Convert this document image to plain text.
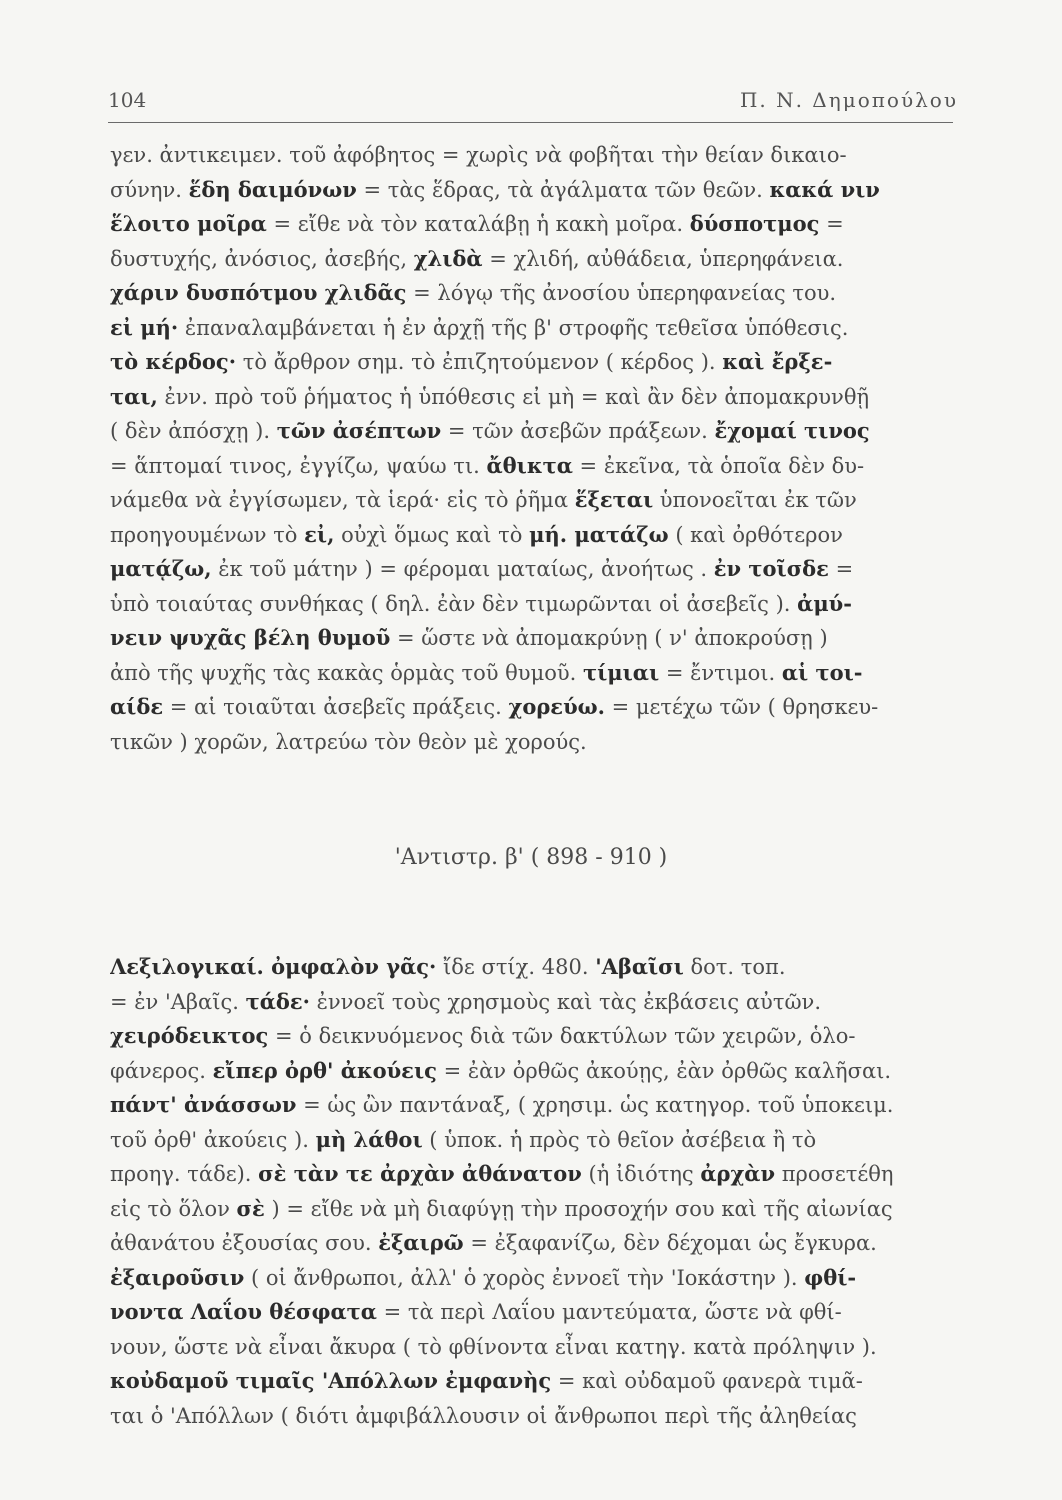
104	Π. Ν. Δημοπούλου
γεν. ἀντικειμεν. τοῦ ἀφόβητος = χωρὶς νὰ φοβῆται τὴν θείαν δικαιο-
σύνην. ἕδη δαιμόνων = τὰς ἕδρας, τὰ ἀγάλματα τῶν θεῶν. κακά νιν
ἕλοιτο μοῖρα = εἴθε νὰ τὸν καταλάβῃ ἡ κακὴ μοῖρα. δύσποτμος =
δυστυχής, ἀνόσιος, ἀσεβής, χλιδὰ = χλιδή, αὐθάδεια, ὑπερηφάνεια.
χάριν δυσπότμου χλιδᾶς = λόγῳ τῆς ἀνοσίου ὑπερηφανείας του.
εἰ μή· ἐπαναλαμβάνεται ἡ ἐν ἀρχῇ τῆς β' στροφῆς τεθεῖσα ὑπόθεσις.
τὸ κέρδος· τὸ ἄρθρον σημ. τὸ ἐπιζητούμενον ( κέρδος ). καὶ ἔρξε-
ται, ἐνν. πρὸ τοῦ ῥήματος ἡ ὑπόθεσις εἰ μὴ = καὶ ἂν δὲν ἀπομακρυνθῇ
( δὲν ἀπόσχῃ ). τῶν ἀσέπτων = τῶν ἀσεβῶν πράξεων. ἔχομαί τινος
= ἅπτομαί τινος, ἐγγίζω, ψαύω τι. ἄθικτα = ἐκεῖνα, τὰ ὁποῖα δὲν δυ-
νάμεθα νὰ ἐγγίσωμεν, τὰ ἱερά· εἰς τὸ ῥῆμα ἕξεται ὑπονοεῖται ἐκ τῶν
προηγουμένων τὸ εἰ, οὐχὶ ὅμως καὶ τὸ μή. ματάζω ( καὶ ὀρθότερον
ματᾴζω, ἐκ τοῦ μάτην ) = φέρομαι ματαίως, ἀνοήτως . ἐν τοῖσδε =
ὑπὸ τοιαύτας συνθήκας ( δηλ. ἐὰν δὲν τιμωρῶνται οἱ ἀσεβεῖς ). ἀμύ-
νειν ψυχᾶς βέλη θυμοῦ = ὥστε νὰ ἀπομακρύνῃ ( ν' ἀποκρούσῃ )
ἀπὸ τῆς ψυχῆς τὰς κακὰς ὁρμὰς τοῦ θυμοῦ. τίμιαι = ἔντιμοι. αἱ τοι-
αίδε = αἱ τοιαῦται ἀσεβεῖς πράξεις. χορεύω. = μετέχω τῶν ( θρησκευ-
τικῶν ) χορῶν, λατρεύω τὸν θεὸν μὲ χορούς.
'Αντιστρ. β' ( 898 - 910 )
Λεξιλογικαί. ὀμφαλὸν γᾶς· ἴδε στίχ. 480. 'Αβαῖσι δοτ. τοπ.
= ἐν 'Αβαῖς. τάδε· ἐννοεῖ τοὺς χρησμοὺς καὶ τὰς ἐκβάσεις αὐτῶν.
χειρόδεικτος = ὁ δεικνυόμενος διὰ τῶν δακτύλων τῶν χειρῶν, ὁλο-
φάνερος. εἴπερ ὀρθ' ἀκούεις = ἐὰν ὀρθῶς ἀκούῃς, ἐὰν ὀρθῶς καλῆσαι.
πάντ' ἀνάσσων = ὡς ὢν παντάναξ, ( χρησιμ. ὡς κατηγορ. τοῦ ὑποκειμ.
τοῦ ὀρθ' ἀκούεις ). μὴ λάθοι ( ὑποκ. ἡ πρὸς τὸ θεῖον ἀσέβεια ἢ τὸ
προηγ. τάδε). σὲ τὰν τε ἀρχὰν ἀθάνατον (ἡ ἰδιότης ἀρχὰν προσετέθη
εἰς τὸ ὅλον σὲ ) = εἴθε νὰ μὴ διαφύγῃ τὴν προσοχήν σου καὶ τῆς αἰωνίας
ἀθανάτου ἐξουσίας σου. ἐξαιρῶ = ἐξαφανίζω, δὲν δέχομαι ὡς ἔγκυρα.
ἐξαιροῦσιν ( οἱ ἄνθρωποι, ἀλλ' ὁ χορὸς ἐννοεῖ τὴν 'Ιοκάστην ). φθί-
νοντα Λαΐου θέσφατα = τὰ περὶ Λαΐου μαντεύματα, ὥστε νὰ φθί-
νουν, ὥστε νὰ εἶναι ἄκυρα ( τὸ φθίνοντα εἶναι κατηγ. κατὰ πρόληψιν ).
κοὐδαμοῦ τιμαῖς 'Απόλλων ἐμφανὴς = καὶ οὐδαμοῦ φανερὰ τιμᾶ-
ται ὁ 'Απόλλων ( διότι ἀμφιβάλλουσιν οἱ ἄνθρωποι περὶ τῆς ἀληθείας
